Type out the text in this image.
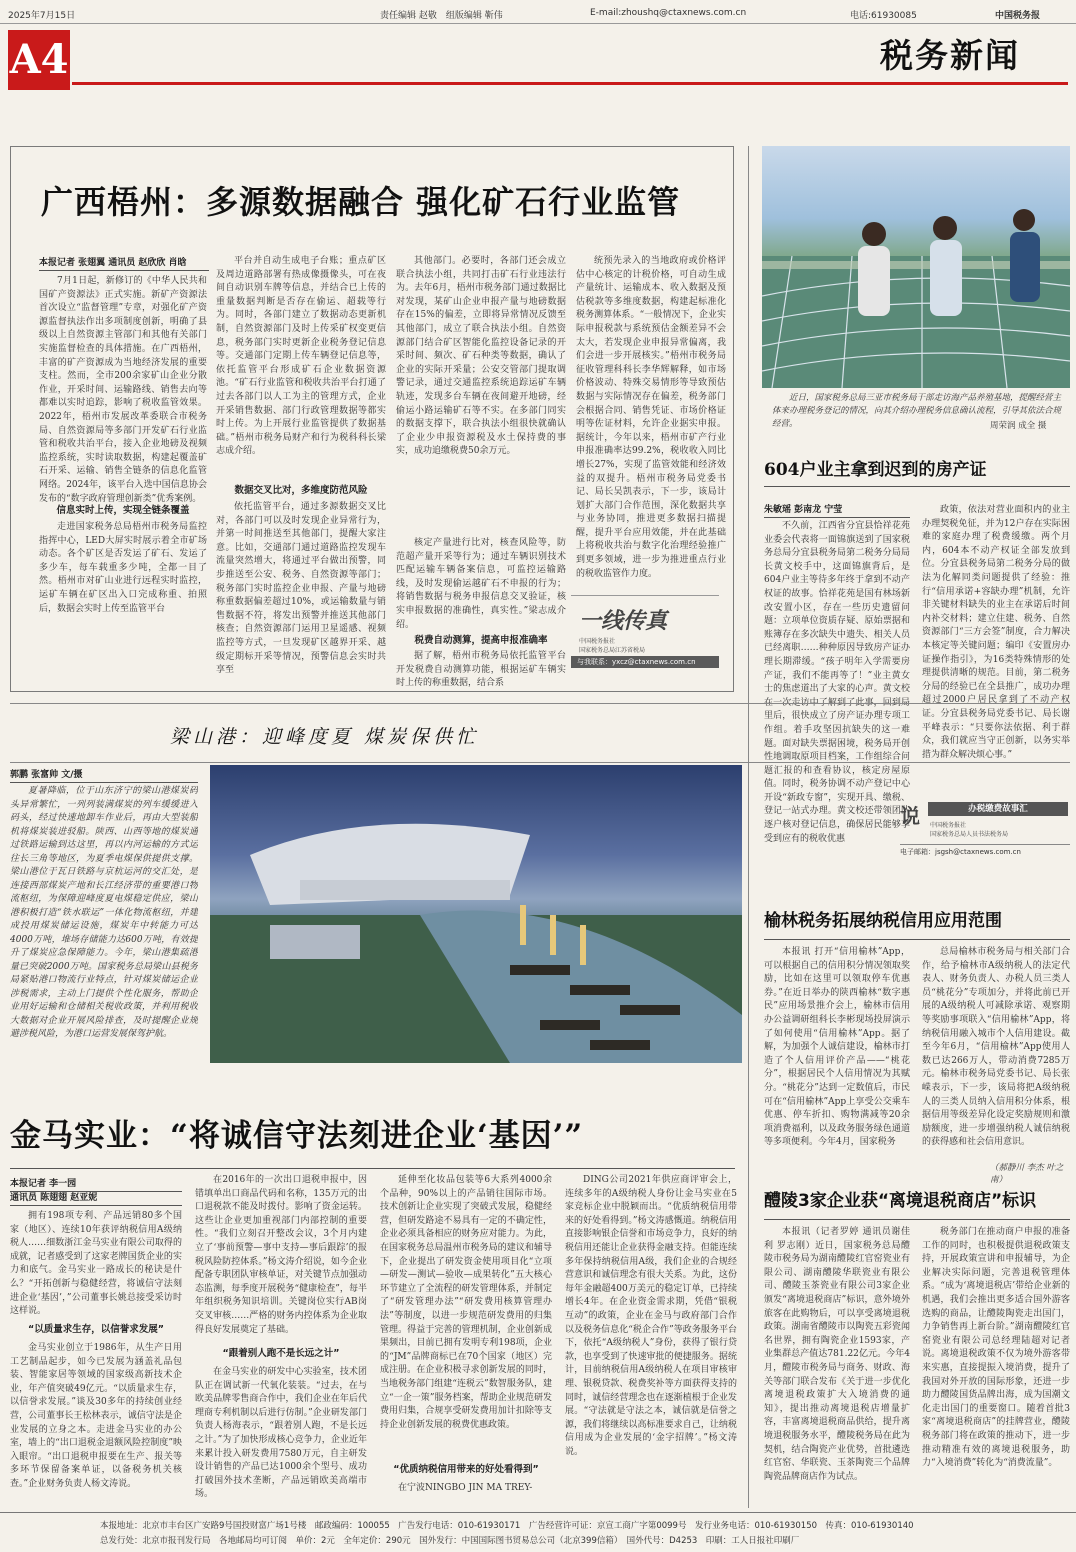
2025年7月15日	责任编辑 赵敬　组版编辑 靳伟	E-mail:zhoushq@ctaxnews.com.cn	电话:61930085	中国税务报
A4	税务新闻
广西梧州：多源数据融合 强化矿石行业监管
本报记者 张翅翼 通讯员 赵欣欣 肖晗
7月1日起，新修订的《中华人民共和国矿产资源法》正式实施。新矿产资源法首次设立“监督管理”专章，对强化矿产资源监督执法作出多项制度创新，明确了县级以上自然资源主管部门和其他有关部门实施监督检查的具体措施。在广西梧州，丰富的矿产资源成为当地经济发展的重要支柱。然而，全市200余家矿山企业分散作业，开采时间、运输路线、销售去向等都难以实时追踪，影响了税收监管效果。2022年，梧州市发展改革委联合市税务局、自然资源局等多部门开发矿石行业监管和税收共治平台，接入企业地磅及视频监控系统，实时读取数据，构建起覆盖矿石开采、运输、销售全链条的信息化监管网络。2024年，该平台入选中国信息协会发布的“数字政府管理创新类”优秀案例。
信息实时上传，实现全链条覆盖
走进国家税务总局梧州市税务局监控指挥中心，LED大屏实时展示着全市矿场动态。各个矿区是否发运了矿石、发运了多少车，每车载重多少吨，全都一目了然。梧州市对矿山业进行远程实时监控，运矿车辆在矿区出入口完成称重、拍照后，数据会实时上传至监管平台
平台并自动生成电子台账；重点矿区及周边道路部署有热成像摄像头，可在夜间自动识别车牌等信息，并结合已上传的重量数据判断是否存在偷运、超载等行为。同时，各部门建立了数据动态更新机制，自然资源部门及时上传采矿权变更信息，税务部门实时更新企业税务登记信息等。交通部门定期上传车辆登记信息等，依托监管平台形成矿石企业数据资源池。“矿石行业监管和税收共治平台打通了过去各部门以人工为主的管理方式，企业开采销售数据、部门行政管理数据等都实时上传。为上开展行业监管提供了数据基础。”梧州市税务局财产和行为税科科长梁志成介绍。
数据交叉比对，多维度防范风险
依托监管平台，通过多源数据交叉比对，各部门可以及时发现企业异常行为，并第一时间推送至其他部门，提醒大家注意。比如，交通部门通过道路监控发现车流量突然增大，将通过平台做出预警，同步推送至公安、税务、自然资源等部门；税务部门实时监控企业申报、产量与地磅称重数据偏差超过10%，或运输数量与销售数据不符，将发出预警并推送其他部门核查；自然资源部门运用卫星遥感、视频监控等方式，一旦发现矿区越界开采、越级定期标开采等情况，预警信息会实时共享至
其他部门。必要时，各部门还会成立联合执法小组，共同打击矿石行业违法行为。去年6月，梧州市税务部门通过数据比对发现，某矿山企业申报产量与地磅数据存在15%的偏差，立即将异常情况反馈至其他部门，成立了联合执法小组。自然资源部门结合矿区智能化监控设备记录的开采时间、频次、矿石种类等数据，确认了企业的实际开采量；公安交管部门提取调警记录，通过交通监控系统追踪运矿车辆轨迹，发现多台车辆在夜间避开地磅，经偷运小路运输矿石等不实。在多部门同实的数据支撑下，联合执法小组很快就确认了企业少申报资源税及水土保持费的事实，成功追缴税费50余万元。
核定产量进行比对，核查风险等，防范超产量开采等行为；通过车辆识别技术匹配运输车辆备案信息，可监控运输路线，及时发现偷运越矿石不申报的行为；将销售数据与税务申报信息交叉验证，核实申报数据的准确性，真实性。”梁志成介绍。
税费自动测算，提高申报准确率
据了解，梧州市税务局依托监管平台开发税费自动测算功能，根据运矿车辆实时上传的称重数据，结合系
统预先录入的当地政府或价格评估中心核定的计税价格，可自动生成产量统计、运输成本、收入数据及预估税款等多维度数据，构建起标准化税务测算体系。“一般情况下，企业实际申报税款与系统预估金额差异不会太大，若发现企业申报异常偏离，我们会进一步开展核实。”梧州市税务局征收管理科科长李华辉解释，如市场价格波动、特殊交易情形等导致预估数据与实际情况存在偏差，税务部门会根据合同、销售凭证、市场价格证明等佐证材料，允许企业据实申报。据统计，今年以来，梧州市矿产行业申报准确率达99.2%，税收收入同比增长27%，实现了监管效能和经济效益的双提升。梧州市税务局党委书记、局长吴凯表示，下一步，该局计划扩大部门合作范围，深化数据共享与业务协同，推进更多数据扫描提醒，提升平台应用效能，并在此基础上将税收共治与数字化治理经验推广到更多领域，进一步为推进重点行业的税收监管作力度。
一线传真
中国税务报社
国家税务总局江苏省税局
与我联系：yxcz@ctaxnews.com.cn
近日，国家税务总局三亚市税务局干部走访海产品养殖基地，提醒经营主体来办理税务登记的情况，向其介绍办理税务信息确认流程，引导其依法合规经营。	周荣润 成全 摄
604户业主拿到迟到的房产证
朱敏瑶 彭南龙 宁莹
不久前，江西省分宜县恰祥花苑业委会代表将一面锦旗送到了国家税务总局分宜县税务局第二税务分局局长黄文校手中，这面锦旗背后，是604户业主等待多年终于拿到不动产权证的故事。恰祥花苑是国有林场新改安置小区，存在一些历史遗留问题：立项单位资质存疑、原始票据和账簿存在多次缺失中遗失、相关人员已经离职……种种原因导致房产证办理长期滞缓。“孩子明年入学需要房产证，我们不能再等了！”业主黄女士的焦虑道出了大家的心声。黄文校在一次走访中了解到了此事，回到局里后，很快成立了房产证办理专项工作组。着手攻坚因抗缺失的这一难题。面对缺失票据困境，税务局开创性地调取原项目档案，工作组综合问题汇报的和查看协议，核定房屋原值。同时，税务协调不动产登记中心开设“新政专窗”，实现开具、缴税、登记一站式办理。黄文校还带领团队逐户核对登记信息，确保居民能够享受到应有的税收优惠
政策，依法对营业面积内的业主办理契税免征，并为12户存在实际困难的家庭办理了税费缓缴。两个月内，604本不动产权证全部发放到位。分宜县税务局第二税务分局的做法为化解同类问题提供了经验：推行“信用承诺+容缺办理”机制，允许非关键材料缺失的业主在承诺后时间内补交材料；建立住建、税务、自然资源部门“三方会签”制度，合力解决本核定等关键问题；编印《安置房办证操作指引》，为16类特殊情形的处理提供清晰的规范。目前，第二税务分局的经验已在全县推广，成功办理超过2000户居民拿到了不动产权证。分宜县税务局党委书记、局长谢平峰表示：“只要你法依据、利于群众，我们就应当守正创新，以务实举措为群众解决烦心事。”
说	办税缴费故事汇
中国税务报社
国家税务总局人员书法税务局
电子邮箱：jsgsh@ctaxnews.com.cn
梁山港：迎峰度夏 煤炭保供忙
郭鹏 张富帅 文/摄
夏暑降临，位于山东济宁的梁山港煤炭码头异常繁忙，一列列装满煤炭的列车缓缓进入码头，经过快速地卸车作业后，再由大型装船机将煤炭装进驳船。陕西、山西等地的煤炭通过铁路运输到达这里，再以内河运输的方式运往长三角等地区，为夏季电煤保供提供支撑。梁山港位于瓦日铁路与京杭运河的交汇处，是连接西部煤炭产地和长江经济带的重要港口物流枢纽，为保障迎峰度夏电煤稳定供应，梁山港积极打造“铁水联运”一体化物流枢纽，并建成投用煤炭储运设施，煤炭年中转能力可达4000万吨，堆场存储能力达600万吨，有效提升了煤炭应急保障能力。今年，梁山港集疏港量已突破2000万吨。国家税务总局梁山县税务局紧贴港口物流行业特点，针对煤炭储运企业涉税需求，主动上门提供个性化服务，帮助企业用好运输和仓储相关税收政策，并利用税收大数据对企业开展风险排查，及时提醒企业规避涉税风险，为港口运营发展保驾护航。
榆林税务拓展纳税信用应用范围
本报讯 打开“信用榆林”App，可以根据自己的信用积分情况领取奖励，比如在这里可以领取停车优惠券。”在近日举办的陕西榆林“数字惠民”应用场景推介会上，榆林市信用办公益调研组科长李彬现场投屏演示了如何使用“信用榆林”App。据了解，为加强个人诚信建设，榆林市打造了个人信用评价产品——“桃花分”，根据居民个人信用情况为其赋分。“桃花分”达到一定数值后，市民可在“信用榆林”App上享受公交乘车优惠、停车折扣、购物满减等20余项消费福利，以及政务服务绿色通道等多项便利。今年4月，国家税务
总局榆林市税务局与相关部门合作，给予榆林市A级纳税人的法定代表人、财务负责人、办税人员三类人员“桃花分”专项加分，并将此前已开展的A级纳税人可减除承诺、观察期等奖励事项联入“信用榆林”App，将纳税信用融入城市个人信用建设。截至今年6月，“信用榆林”App使用人数已达266万人，带动消费7285万元。榆林市税务局党委书记、局长张嵘表示，下一步，该局将把A级纳税人的三类人员纳入信用积分体系，根据信用等级差异化设定奖励规则和激励额度，进一步增强纳税人诚信纳税的获得感和社会信用意识。
（郝静川 李杰 叶之南）
醴陵3家企业获“离境退税商店”标识
本报讯（记者罗婷 通讯员谢佳利 罗志刚）近日，国家税务总局醴陵市税务局为湖南醴陵红官窑瓷业有限公司、湖南醴陵华联瓷业有限公司、醴陵玉茶瓷业有限公司3家企业颁发“离境退税商店”标识，意外境外旅客在此购物后，可以享受离境退税政策。湖南省醴陵市以陶瓷五彩瓷闻名世界，拥有陶瓷企业1593家，产业集群总产值达781.22亿元。今年4月，醴陵市税务局与商务、财政、海关等部门联合发布《关于进一步优化离境退税政策扩大入境消费的通知》，提出推动离境退税店增量扩容，丰富离境退税商品供给，提升离境退税服务水平，醴陵税务局在此为契机，结合陶瓷产业优势，首批遴选红官窑、华联瓷、玉茶陶瓷三个品牌陶瓷品牌商店作为试点。
税务部门在推动商户申报的准备工作的同时，也积极提供退税政策支持，开展政策宣讲和申报辅导，为企业解决实际问题，完善退税管理体系。“成为‘离境退税店’带给企业新的机遇，我们会推出更多适合国外游客选购的商品，让醴陵陶瓷走出国门，力争销售再上新台阶。”湖南醴陵红官窑瓷业有限公司总经理陆超对记者说。离境退税政策不仅为境外游客带来实惠，直接提振入境消费，提升了我国对外开放的国际形象，还进一步助力醴陵国货品牌出海，成为国潮文化走出国门的重要窗口。随着首批3家“离境退税商店”的挂牌营业，醴陵税务部门将在政策的推动下，进一步推动精准有效的离境退税服务，助力“入境消费”转化为“消费流量”。
金马实业：“将诚信守法刻进企业‘基因’”
本报记者 李一园
通讯员 陈翅翅 赵亚妮
拥有198项专利、产品远销80多个国家（地区）、连续10年获评纳税信用A级纳税人……细数浙江金马实业有限公司取得的成就，记者感受到了这家老牌国货企业的实力和底气。金马实业一路成长的秘诀是什么？“开拓创新与稳健经营，将诚信守法刻进企业‘基因’，”公司董事长姚总接受采访时这样说。
“以质量求生存，以信誉求发展”
金马实业创立于1986年，从生产日用工艺制品起步，如今已发展为涵盖礼品包装、智能家居等领域的国家级高新技术企业，年产值突破49亿元。“以质量求生存，以信誉求发展。”谈及30多年的持续创业经营，公司董事长王松林表示，诚信守法是企业发展的立身之本。走进金马实业的办公室，墙上的“出口退税金退额风险控制度”映入眼帘。“出口退税申报要在生产、报关等多环节保留备案单证，以备税务机关核查。”企业财务负责人杨文涛说。
在2016年的一次出口退税申报中，因错填单出口商品代码和名称，135万元的出口退税款不能及时拨付。影响了资金运转。这些让企业更加重视部门内部控制的重要性。“我们立刻召开整改会议，3个月内建立了‘事前预警—事中支持—事后跟踪’的报税风险防控体系。”杨文涛介绍说，如今企业配备专职团队审核单证，对关键节点加强动态监测，每季度开展税务“健康检查”，每半年组织税务知识培训。关键岗位实行AB岗交叉审核……严格的财务内控体系为企业取得良好发展奠定了基础。
“跟着别人跑不是长远之计”
在金马实业的研发中心实验室，技术团队正在调试新一代氧化装装。“过去，在与欧美品牌零售商合作中，我们企业在年后代理商专利机制以后进行仿制。”企业研发部门负责人杨海表示，“跟着别人跑，不是长远之计。”为了加快形成核心竞争力，企业近年来累计投入研发费用7580万元，自主研发设计销售的产品已达1000余个型号、成功打破国外技术垄断，产品远销欧美高端市场。
延伸至化妆品包装等6大系列4000余个品种，90%以上的产品销往国际市场。技术创新让企业实现了突破式发展，稳健经营，但研发路途不易具有一定的不确定性，企业必须具备相应的财务应对能力。为此，在国家税务总局温州市税务局的建议和辅导下，企业提出了研发资金使用项目化“立项—研发—测试—验收—成果转化”五大核心环节建立了全流程的研发管理体系，并制定了“研发管理办法”“研发费用核算管理办法”等制度，以进一步规范研发费用的归集管理。得益于完善的管理机制，企业创新成果频出，目前已拥有发明专利198项，企业的“JM”品牌商标已在70个国家（地区）完成注册。在企业积极寻求创新发展的同时，当地税务部门组建“连税云”数智服务队，建立“一企一策”服务档案，帮助企业规范研发费用归集，合规享受研发费用加计扣除等支持企业创新发展的税费优惠政策。
“优质纳税信用带来的好处看得到”
在宁波NINGBO JIN MA TREY-
DING公司2021年供应商评审会上，连续多年的A级纳税人身份让金马实业在5家竞标企业中脱颖而出。“优质纳税信用带来的好处看得到。”杨文涛感慨道。纳税信用直接影响银企信誉和市场竞争力，良好的纳税信用还能让企业获得金融支持。但能连续多年保持纳税信用A级，我们企业的合规经营意识和诚信理念有很大关系。为此，这份每年金融超400万美元的稳定订单，已持续增长4年。在企业资金需求期，凭借“银税互动”的政策，企业在金马与政府部门合作以及税务信息化“税企合作”等政务服务平台下，依托“A级纳税人”身份，获得了银行贷款，也享受到了快速审批的便捷服务。据统计，目前纳税信用A级纳税人在项目审核审理、银税贷款、税费奖补等方面获得支持的同时，诚信经营理念也在逐渐植根于企业发展。“守法就是守法之本，诚信就是信誉之源，我们将继续以高标准要求自己，让纳税信用成为企业发展的‘金字招牌’。”杨文涛说。
本报地址：北京市丰台区广安路9号国投财富广场1号楼　邮政编码：100055　广告发行电话：010-61930171　广告经营许可证：京宣工商广字第0099号　发行业务电话：010-61930150　传真：010-61930140
总发行处：北京市报刊发行局　各地邮局均可订阅　单价：2元　全年定价：290元　国外发行：中国国际图书贸易总公司（北京399信箱）　国外代号：D4253　印刷：工人日报社印刷厂
